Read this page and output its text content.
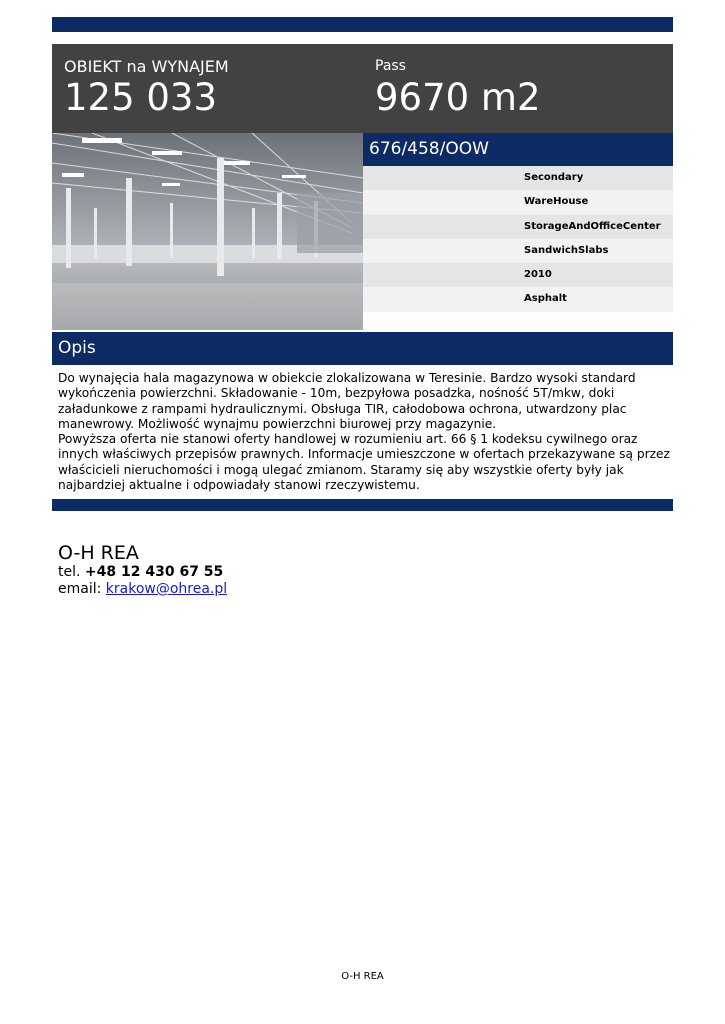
OBIEKT na WYNAJEM
125 033
Pass
9670 m2
676/458/OOW
Secondary
WareHouse
StorageAndOfficeCenter
SandwichSlabs
2010
Asphalt
Opis

Do wynajęcia hala magazynowa w obiekcie zlokalizowana w Teresinie. Bardzo wysoki standard wykończenia powierzchni. Składowanie - 10m, bezpyłowa posadzka, nośność 5T/mkw, doki załadunkowe z rampami hydraulicznymi. Obsługa TIR, całodobowa ochrona, utwardzony plac manewrowy. Możliwość wynajmu powierzchni biurowej przy magazynie.

Powyższa oferta nie stanowi oferty handlowej w rozumieniu art. 66 § 1 kodeksu cywilnego oraz innych właściwych przepisów prawnych. Informacje umieszczone w ofertach przekazywane są przez właścicieli nieruchomości i mogą ulegać zmianom. Staramy się aby wszystkie oferty były jak najbardziej aktualne i odpowiadały stanowi rzeczywistemu.

O-H REA
tel. +48 12 430 67 55
email: krakow@ohrea.pl
O-H REA
